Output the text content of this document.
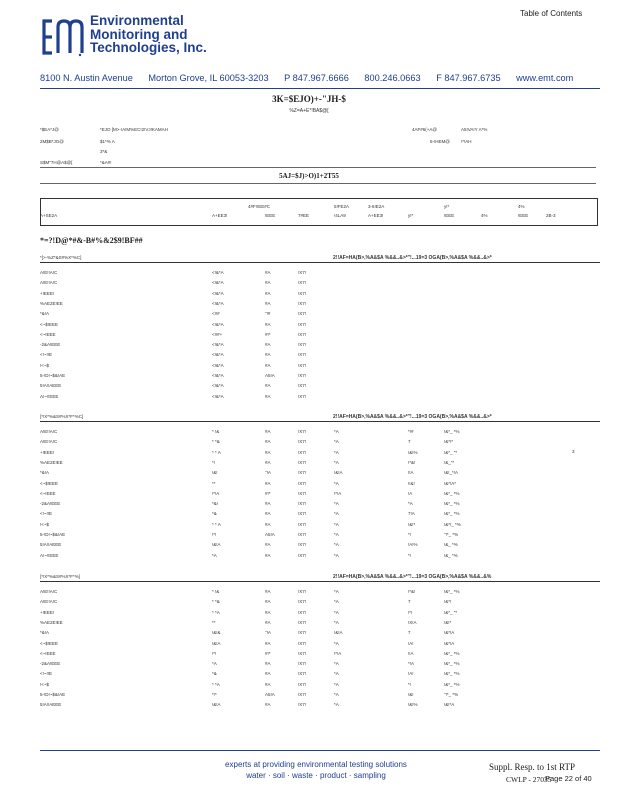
Environmental
Monitoring and
Technologies, Inc.
Table of Contents
8100 N. Austin Avenue Morton Grove, IL 60053-3203 P 847.967.6666 800.246.0663 F 847.967.6735 www.emt.com
3K=$EJO)+-"JH-$
%Z=A+E*!BA$@[
*$EA*J@	*EJO [M>-!A!M%EC!2!VJ!KAMAH
2M$B*JG@	$1*% A
3*&
S$M"7H@A$@[	*&A#!
4AF#6(+A@	A5!VA!Y A*%
5-!HEM@ !*!AH
5AJ=$J)>O)1+2T55
4#F!!EE#C	5!FE2A	3-6!E2A	y!*	4%
A+SE2A	A+EE3!	!EEE	7#EE	!4LA9	A+EE3!	y!*	!EEE	4%	!EEE	2B-3
*=?!D@*#&-B#%&2$9!BF##
*[>-%Z*&S#%X*%C]	2!!AF=HA(B>,%A&$A %&&..&>*"!...19=3 OGA(B>,%A&$A %&&..&>*
A!E!!A!C	<!&*A	#A	!X7!
A!E!!A!C	<!&*A	#A	!X7!
+!EEE!	<!&*A	#A	!X7!
%AE2E!EE	<!&*A	#A	!X7!
*&!A	<!!#	"!#	!X7!
<~$!EEE	<!&*A	#A	!X7!
<~!EEE	<!!#+	#!*	!X7!
-2&A!EEE	<!&*A	#A	!X7!
<!~!!E	<!&*A	#A	!X7!
!<~$	<!&*A	#A	!X7!
5-!D!~$&!AE	<!&*A	A5!A	!X7!
5!A!!AEEE	<!&*A	#A	!X7!
A!~!!EEE	<!&*A	#A	!X7!
[*!X*%&S#%X*F*%C]	2!!AF=HA(B>,%A&$A %&&..&>*"!...19=3 OGA(B>,%A&$A %&&..&>*
A!E!!A!C	* !&	#A	!X7!	*A	*!#	!&*_ *%
A!E!!A!C	* *&	#A	!X7!	*A	7	!&*!*
+!EEE!	* * A	#A	!X7!	*A	!&!%	!&*_ "*
%AE2E!EE	*!	#A	!X7!	*A	!*&!	!&_"*
*&!A	!&!	"!A	!X7!	!&!A	!!A	!&!_*!A
<~$!EEE	**	#A	!X7!	*A	!!&!	!&*!A*
<~!EEE	!*!A	#!*	!X7!	!*!A	!A	!&*_ *%
-2&A!EEE	*&!	#A	!X7!	*A	*A	!&*_ *%
<!~!!E	*&	#A	!X7!	*A	7!A	!&*_ *%
!<~$	* * A	#A	!X7!	*A	!&!*	!&*!_ *%
5-!D!~$&!AE	!*!	A5!A	!X7!	*A	*!	"!*_ *%
5!A!!AEEE	!&!A	#A	!X7!	*A	!A!%	!&_ *%
A!~!!EEE	*A	#A	!X7!	*A	*!	!&_ *%
3
[*!X*%&S#%X*F*%]	2!!AF=HA(B>,%A&$A %&&..&>*"!...19=3 OGA(B>,%A&$A %&&..&%
A!E!!A!C	* !&	#A	!X7!	*A	!*&!	!&*_ *%
A!E!!A!C	* *&	#A	!X7!	*A	7	!&*!
+!EEE!	* *A	#A	!X7!	*A	!*!	!&*_ "*
%AE2E!EE	**	#A	!X7!	*A	!X!A	!&!*
*&!A	!&!&	"!A	!X7!	!&!A	7	!&*!A
<~$!EEE	!&!A	#A	!X7!	*A	!A!	!&*!A
<~!EEE	!*!	#!*	!X7!	!*!A	!!A	!&*_ *%
-2&A!EEE	*A	#A	!X7!	*A	*!A	!&*_ *%
<!~!!E	*&	#A	!X7!	*A	!A!	!&*_ *%
!<~$	* *A	#A	!X7!	*A	*!	!&*_ *%
5-!D!~$&!AE	*!*	A5!A	!X7!	*A	!&!	"!*_ *%
5!A!!AEEE	!&!A	#A	!X7!	*A	!&!%	!&!*A
experts at providing environmental testing solutions
water · soil · waste · product · sampling
Suppl. Resp. to 1st RTP
CWLP - 27035
Page 22 of 40
